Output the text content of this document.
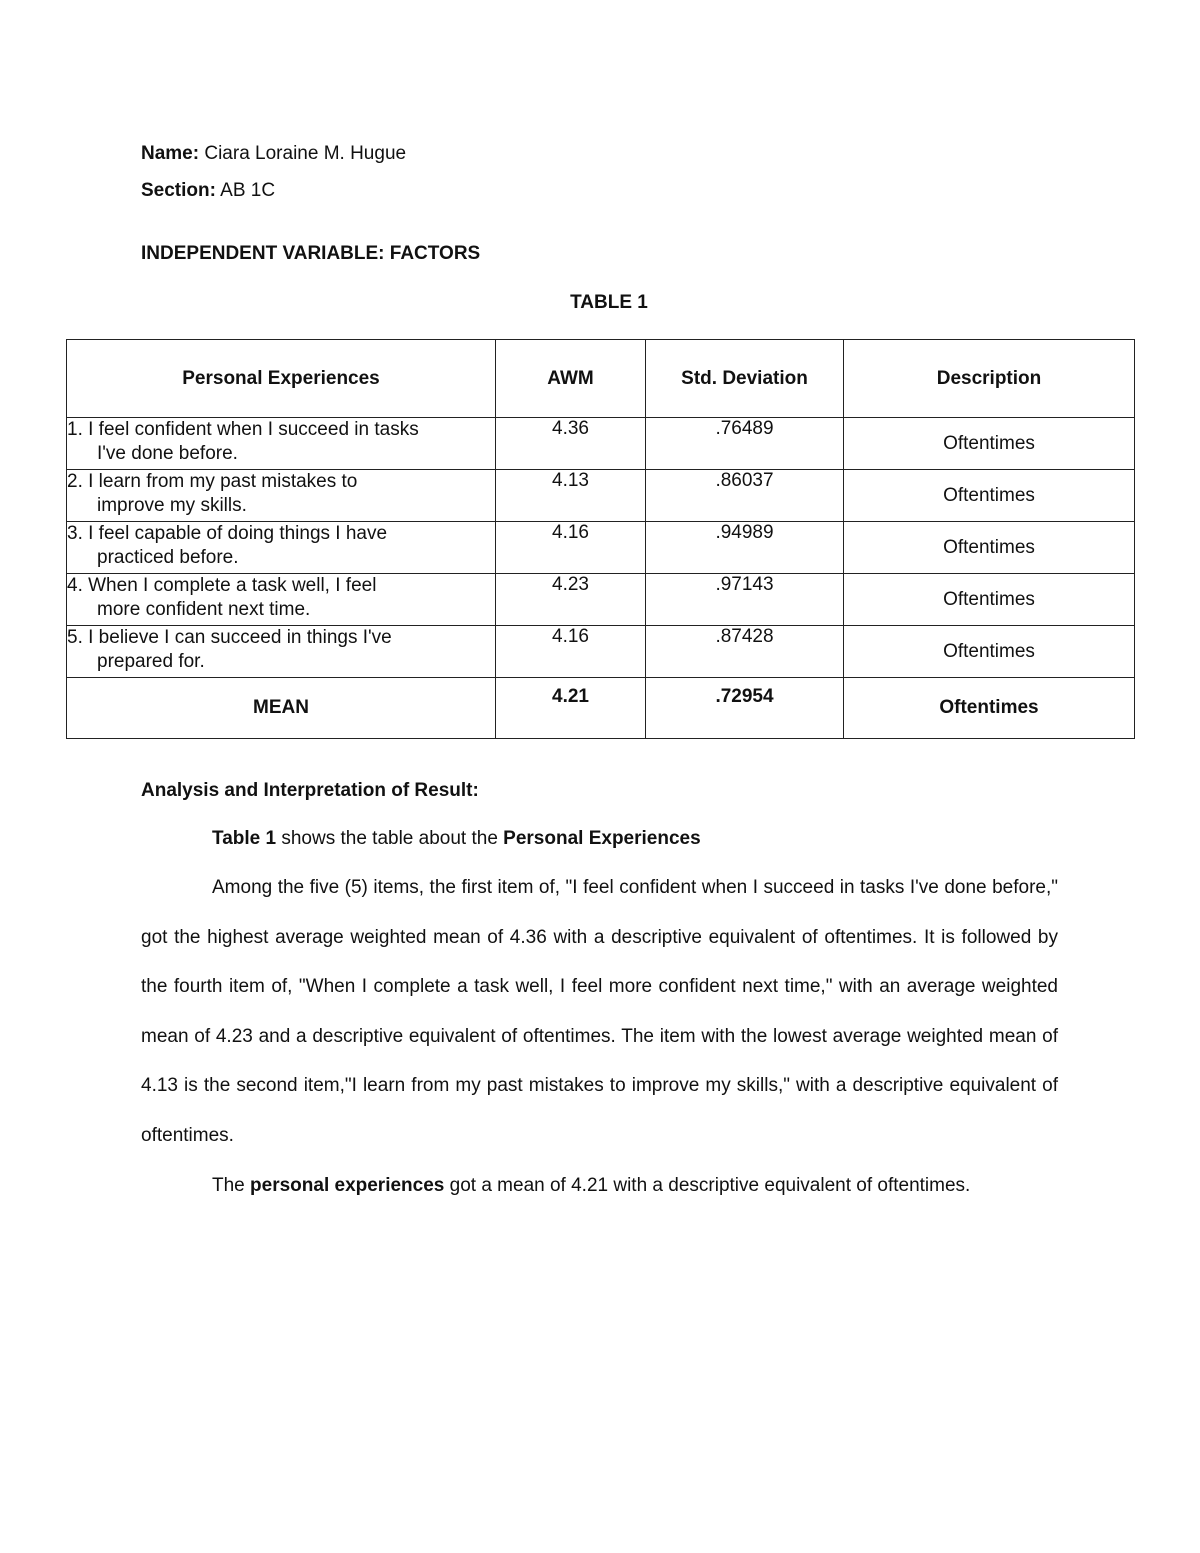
Name: Ciara Loraine M. Hugue
Section: AB 1C
INDEPENDENT VARIABLE: FACTORS
TABLE 1
Personal Experiences	AWM	Std. Deviation	Description
1. I feel confident when I succeed in tasks
I've done before.	4.36	.76489	Oftentimes
2. I learn from my past mistakes to
improve my skills.	4.13	.86037	Oftentimes
3. I feel capable of doing things I have
practiced before.	4.16	.94989	Oftentimes
4. When I complete a task well, I feel
more confident next time.	4.23	.97143	Oftentimes
5. I believe I can succeed in things I've
prepared for.	4.16	.87428	Oftentimes
MEAN	4.21	.72954	Oftentimes
Analysis and Interpretation of Result:
Table 1 shows the table about the Personal Experiences
Among the five (5) items, the first item of, "I feel confident when I succeed in tasks I've done before," got the highest average weighted mean of 4.36 with a descriptive equivalent of oftentimes. It is followed by the fourth item of, "When I complete a task well, I feel more confident next time," with an average weighted mean of 4.23 and a descriptive equivalent of oftentimes. The item with the lowest average weighted mean of 4.13 is the second item,"I learn from my past mistakes to improve my skills," with a descriptive equivalent of oftentimes.
The personal experiences got a mean of 4.21 with a descriptive equivalent of oftentimes.
